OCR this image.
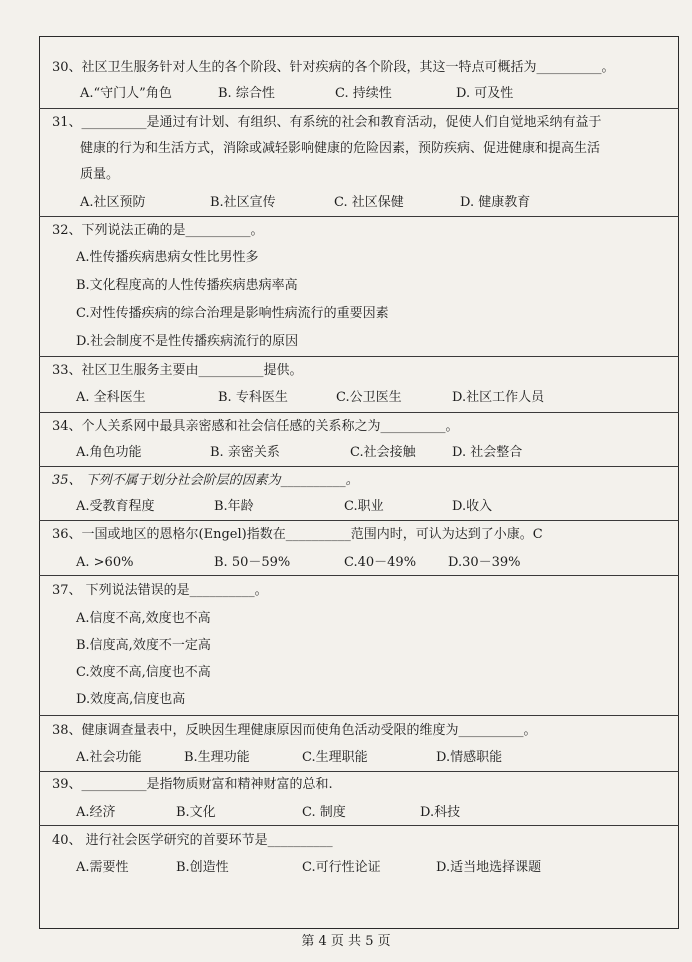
30、社区卫生服务针对人生的各个阶段、针对疾病的各个阶段，其这一特点可概括为__________。
A.“守门人”角色	B. 综合性	C. 持续性	D. 可及性
31、__________是通过有计划、有组织、有系统的社会和教育活动，促使人们自觉地采纳有益于
健康的行为和生活方式，消除或减轻影响健康的危险因素，预防疾病、促进健康和提高生活
质量。
A.社区预防	B.社区宣传	C. 社区保健	D. 健康教育
32、下列说法正确的是__________。
A.性传播疾病患病女性比男性多
B.文化程度高的人性传播疾病患病率高
C.对性传播疾病的综合治理是影响性病流行的重要因素
D.社会制度不是性传播疾病流行的原因
33、社区卫生服务主要由__________提供。
A. 全科医生	B. 专科医生	C.公卫医生	D.社区工作人员
34、个人关系网中最具亲密感和社会信任感的关系称之为__________。
A.角色功能	B. 亲密关系	C.社会接触	D. 社会整合
35、 下列不属于划分社会阶层的因素为__________。
A.受教育程度	B.年龄	C.职业	D.收入
36、一国或地区的恩格尔(Engel)指数在__________范围内时，可认为达到了小康。C
A. >60%	B. 50－59%	C.40－49% D.30－39%
37、 下列说法错误的是__________。
A.信度不高,效度也不高
B.信度高,效度不一定高
C.效度不高,信度也不高
D.效度高,信度也高
38、健康调查量表中，反映因生理健康原因而使角色活动受限的维度为__________。
A.社会功能	B.生理功能	C.生理职能	D.情感职能
39、__________是指物质财富和精神财富的总和.
A.经济	B.文化	C. 制度	D.科技
40、 进行社会医学研究的首要环节是__________
A.需要性	B.创造性	C.可行性论证	D.适当地选择课题
第 4 页 共 5 页
